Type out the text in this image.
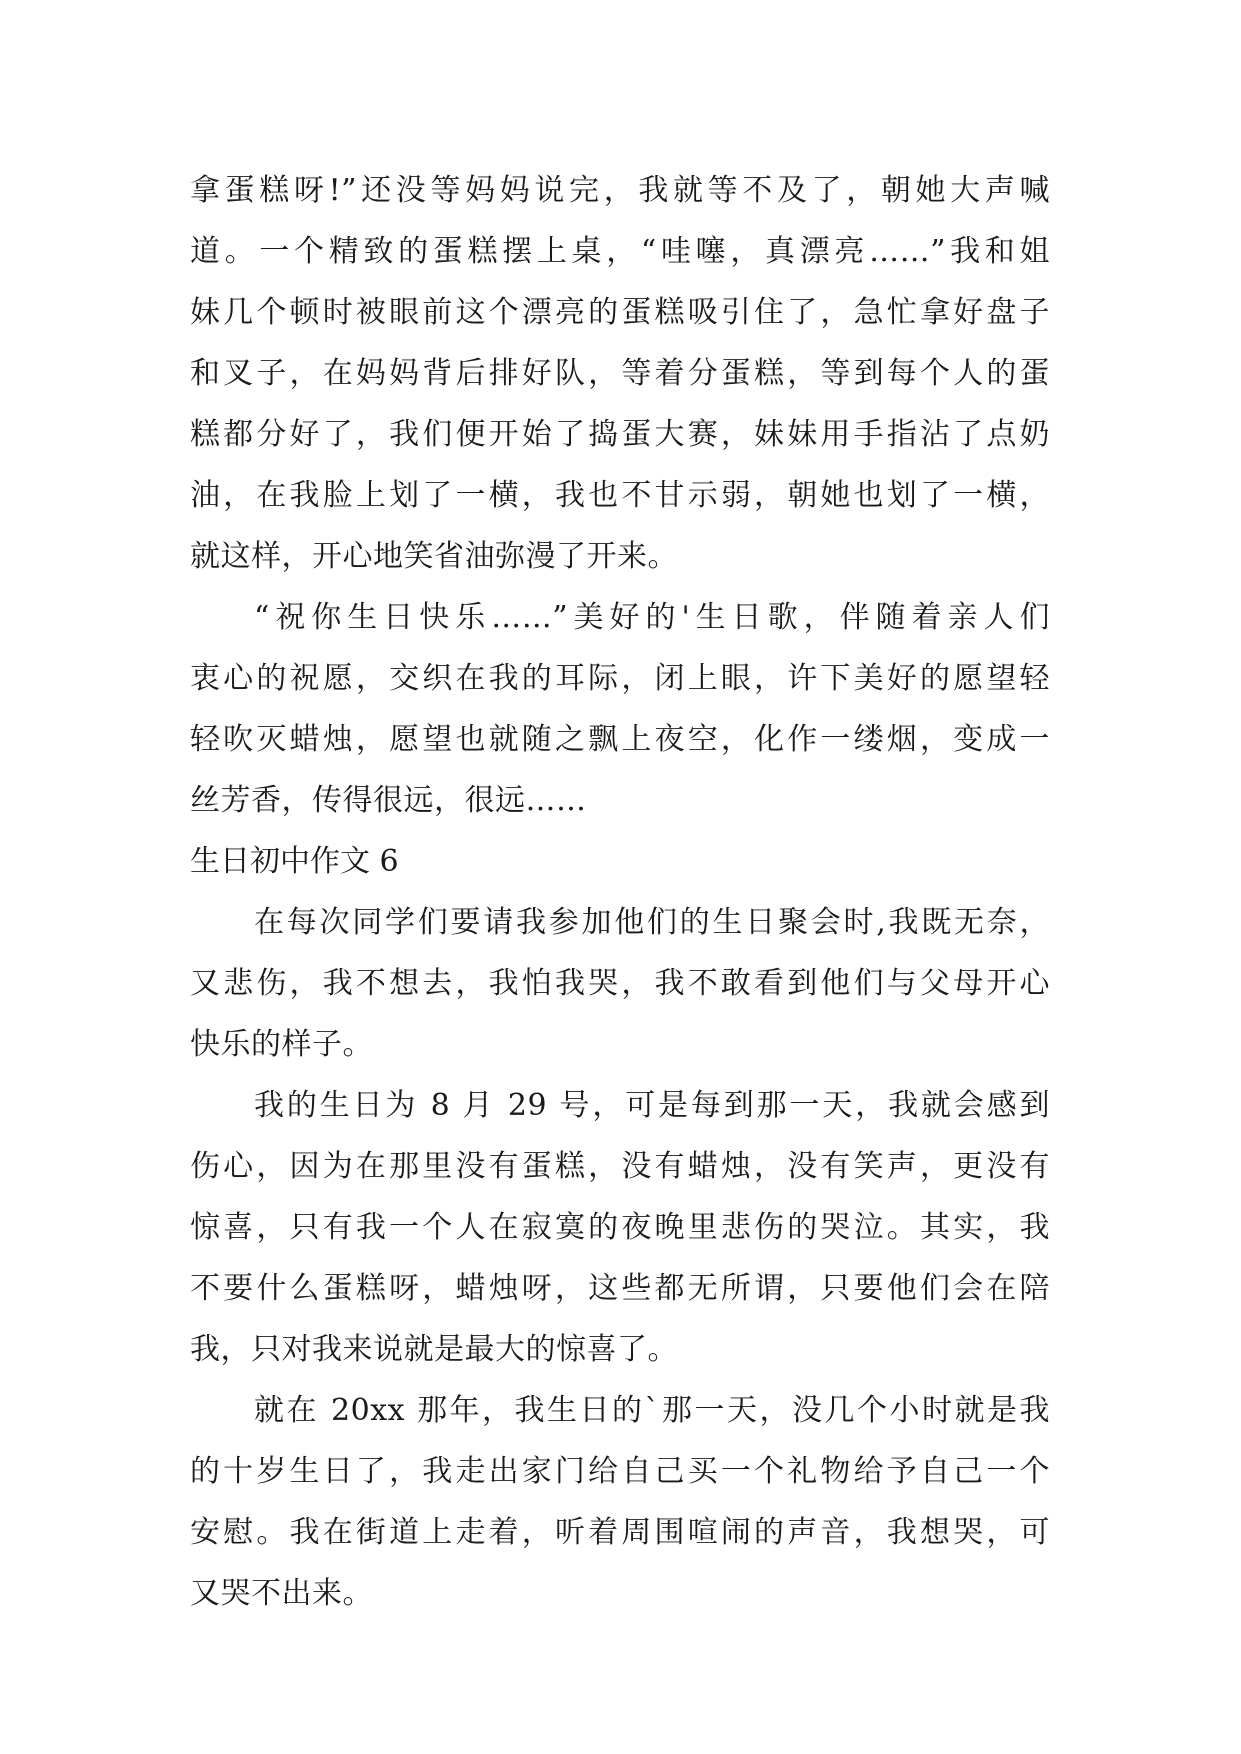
拿蛋糕呀!”还没等妈妈说完，我就等不及了，朝她大声喊
道。一个精致的蛋糕摆上桌，“哇噻，真漂亮……”我和姐
妹几个顿时被眼前这个漂亮的蛋糕吸引住了，急忙拿好盘子
和叉子，在妈妈背后排好队，等着分蛋糕，等到每个人的蛋
糕都分好了，我们便开始了捣蛋大赛，妹妹用手指沾了点奶
油，在我脸上划了一横，我也不甘示弱，朝她也划了一横，
就这样，开心地笑省油弥漫了开来。
“祝你生日快乐……”美好的'生日歌，伴随着亲人们
衷心的祝愿，交织在我的耳际，闭上眼，许下美好的愿望轻
轻吹灭蜡烛，愿望也就随之飘上夜空，化作一缕烟，变成一
丝芳香，传得很远，很远……
生日初中作文 6
在每次同学们要请我参加他们的生日聚会时,我既无奈，
又悲伤，我不想去，我怕我哭，我不敢看到他们与父母开心
快乐的样子。
我的生日为 8 月 29 号，可是每到那一天，我就会感到
伤心，因为在那里没有蛋糕，没有蜡烛，没有笑声，更没有
惊喜，只有我一个人在寂寞的夜晚里悲伤的哭泣。其实，我
不要什么蛋糕呀，蜡烛呀，这些都无所谓，只要他们会在陪
我，只对我来说就是最大的惊喜了。
就在 20xx 那年，我生日的`那一天，没几个小时就是我
的十岁生日了，我走出家门给自己买一个礼物给予自己一个
安慰。我在街道上走着，听着周围喧闹的声音，我想哭，可
又哭不出来。
